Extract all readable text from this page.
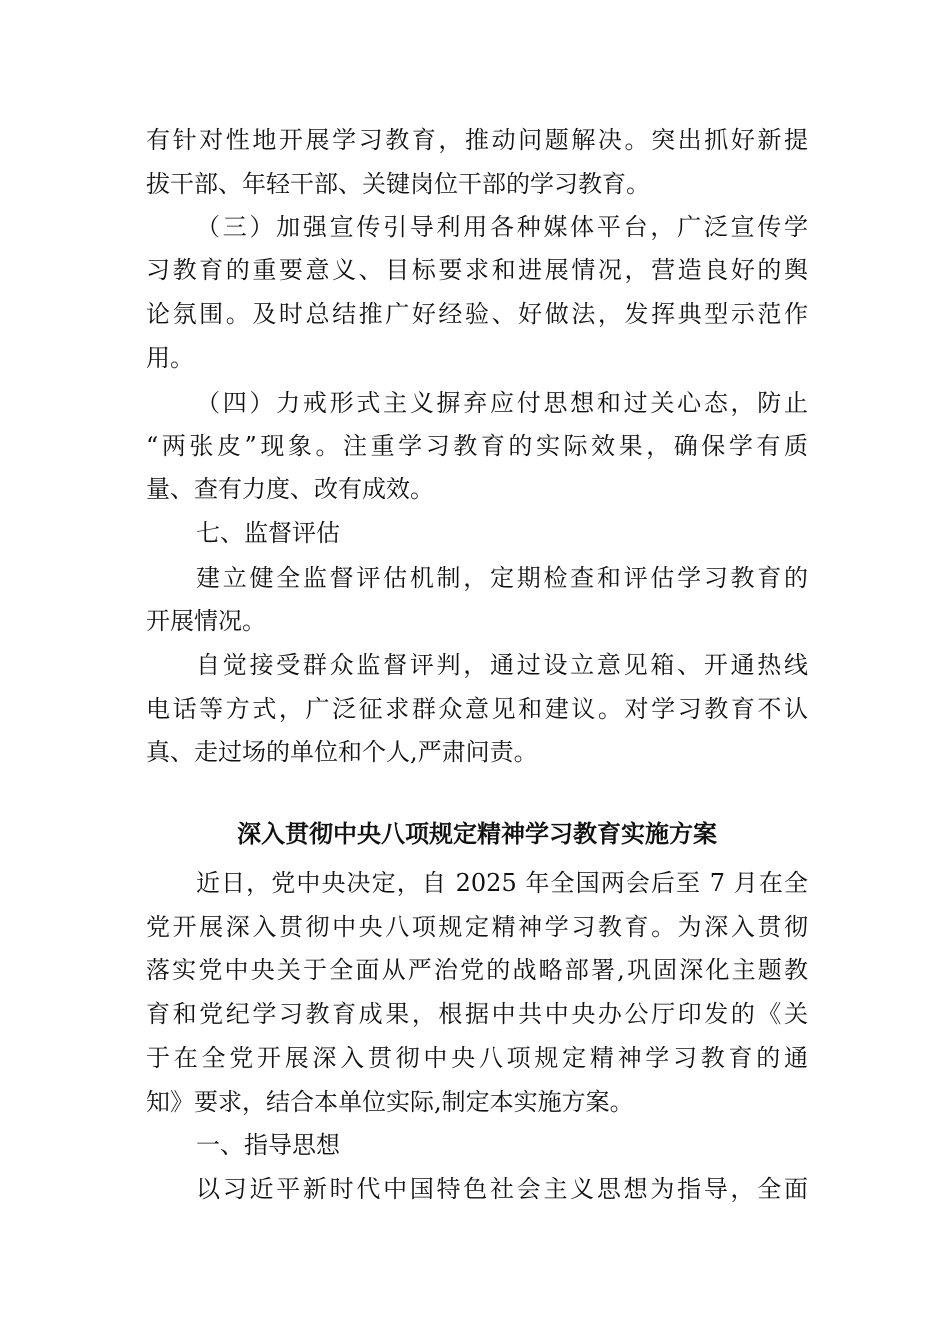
有针对性地开展学习教育，推动问题解决。突出抓好新提
拔干部、年轻干部、关键岗位干部的学习教育。
（三）加强宣传引导利用各种媒体平台，广泛宣传学
习教育的重要意义、目标要求和进展情况，营造良好的舆
论氛围。及时总结推广好经验、好做法，发挥典型示范作
用。
（四）力戒形式主义摒弃应付思想和过关心态，防止
“两张皮”现象。注重学习教育的实际效果，确保学有质
量、查有力度、改有成效。
七、监督评估
建立健全监督评估机制，定期检查和评估学习教育的
开展情况。
自觉接受群众监督评判，通过设立意见箱、开通热线
电话等方式，广泛征求群众意见和建议。对学习教育不认
真、走过场的单位和个人,严肃问责。
深入贯彻中央八项规定精神学习教育实施方案
近日，党中央决定，自 2025 年全国两会后至 7 月在全
党开展深入贯彻中央八项规定精神学习教育。为深入贯彻
落实党中央关于全面从严治党的战略部署,巩固深化主题教
育和党纪学习教育成果，根据中共中央办公厅印发的《关
于在全党开展深入贯彻中央八项规定精神学习教育的通
知》要求，结合本单位实际,制定本实施方案。
一、指导思想
以习近平新时代中国特色社会主义思想为指导，全面
